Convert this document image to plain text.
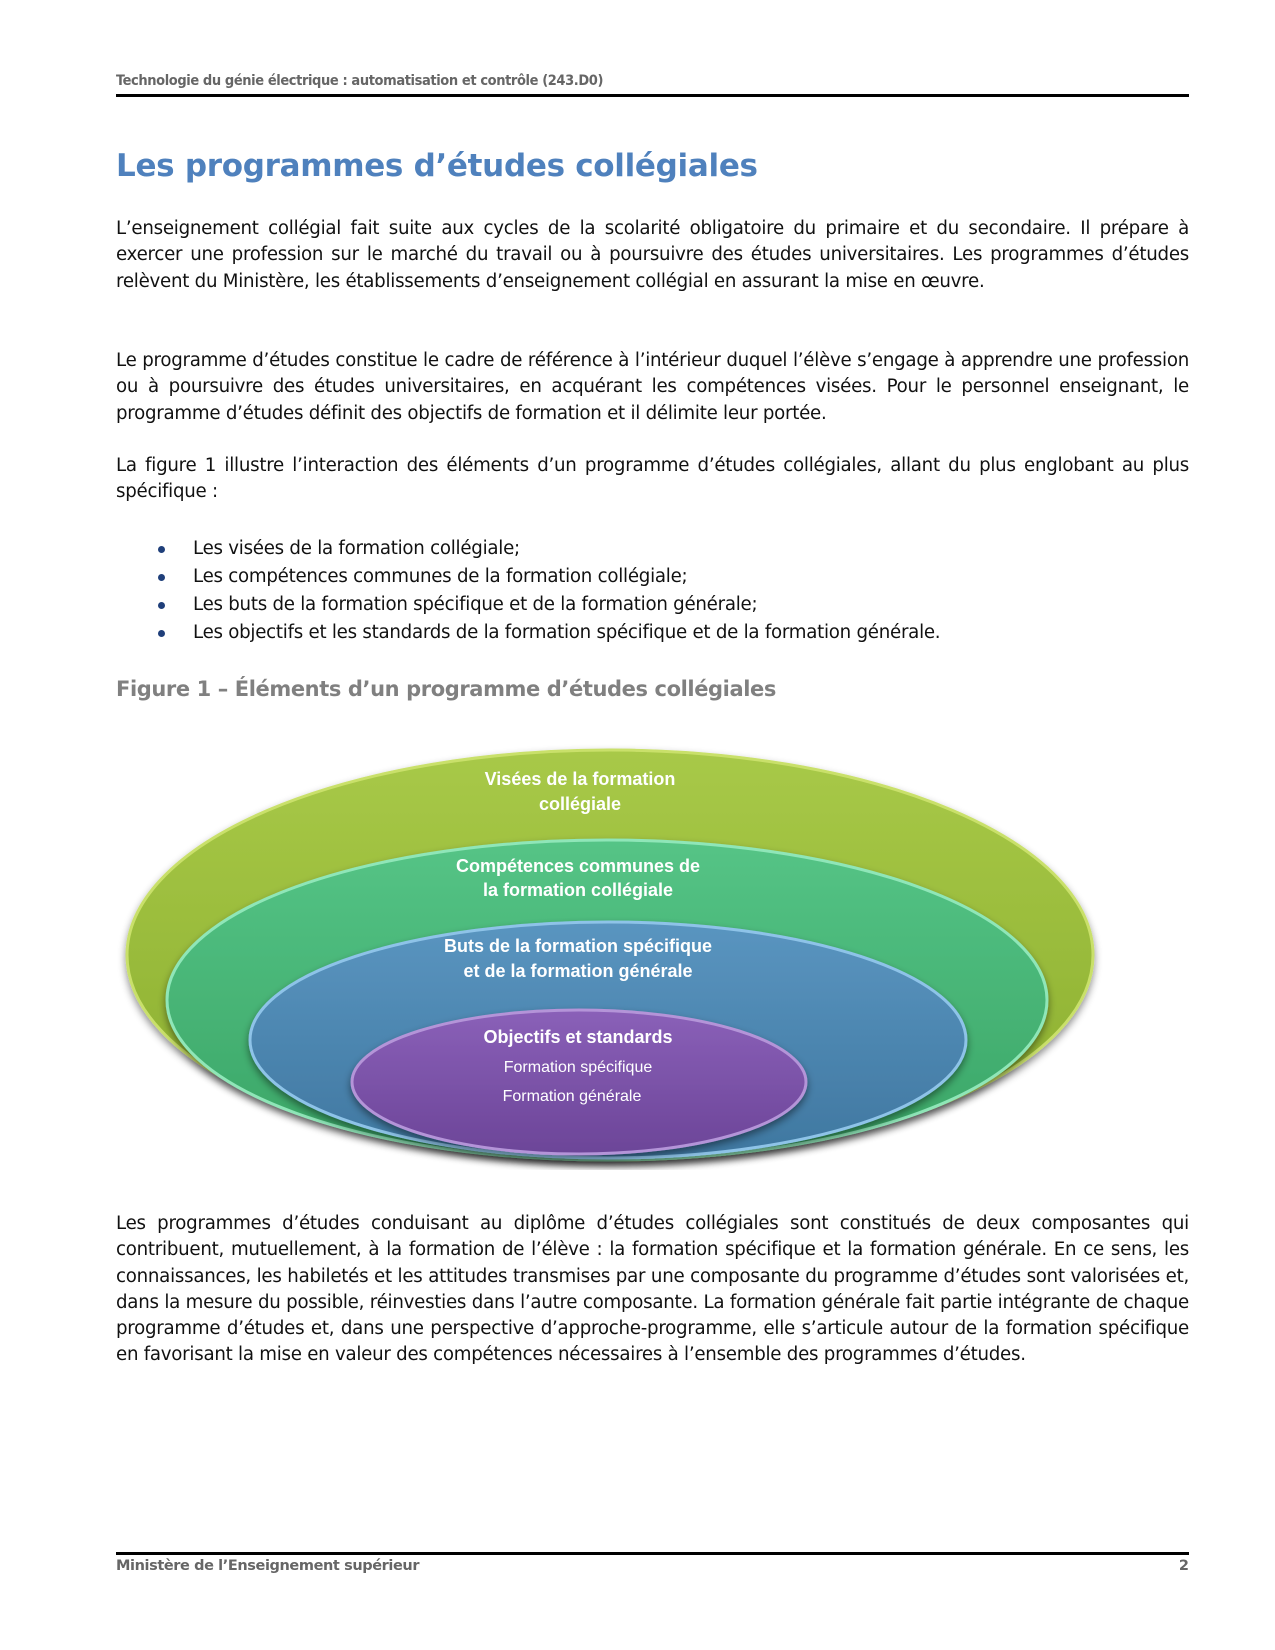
Technologie du génie électrique : automatisation et contrôle (243.D0)
Les programmes d’études collégiales

L’enseignement collégial fait suite aux cycles de la scolarité obligatoire du primaire et du secondaire. Il prépare à exercer une profession sur le marché du travail ou à poursuivre des études universitaires. Les programmes d’études relèvent du Ministère, les établissements d’enseignement collégial en assurant la mise en œuvre.

Le programme d’études constitue le cadre de référence à l’intérieur duquel l’élève s’engage à apprendre une profession ou à poursuivre des études universitaires, en acquérant les compétences visées. Pour le personnel enseignant, le programme d’études définit des objectifs de formation et il délimite leur portée.

La figure 1 illustre l’interaction des éléments d’un programme d’études collégiales, allant du plus englobant au plus spécifique :

Les visées de la formation collégiale;
Les compétences communes de la formation collégiale;
Les buts de la formation spécifique et de la formation générale;
Les objectifs et les standards de la formation spécifique et de la formation générale.
Figure 1 – Éléments d’un programme d’études collégiales
Visées de la formation
collégiale
Compétences communes de
la formation collégiale
Buts de la formation spécifique
et de la formation générale
Objectifs et standards
Formation spécifique
Formation générale

Les programmes d’études conduisant au diplôme d’études collégiales sont constitués de deux composantes qui contribuent, mutuellement, à la formation de l’élève : la formation spécifique et la formation générale. En ce sens, les connaissances, les habiletés et les attitudes transmises par une composante du programme d’études sont valorisées et, dans la mesure du possible, réinvesties dans l’autre composante. La formation générale fait partie intégrante de chaque programme d’études et, dans une perspective d’approche-programme, elle s’articule autour de la formation spécifique en favorisant la mise en valeur des compétences nécessaires à l’ensemble des programmes d’études.

Ministère de l’Enseignement supérieur	2
